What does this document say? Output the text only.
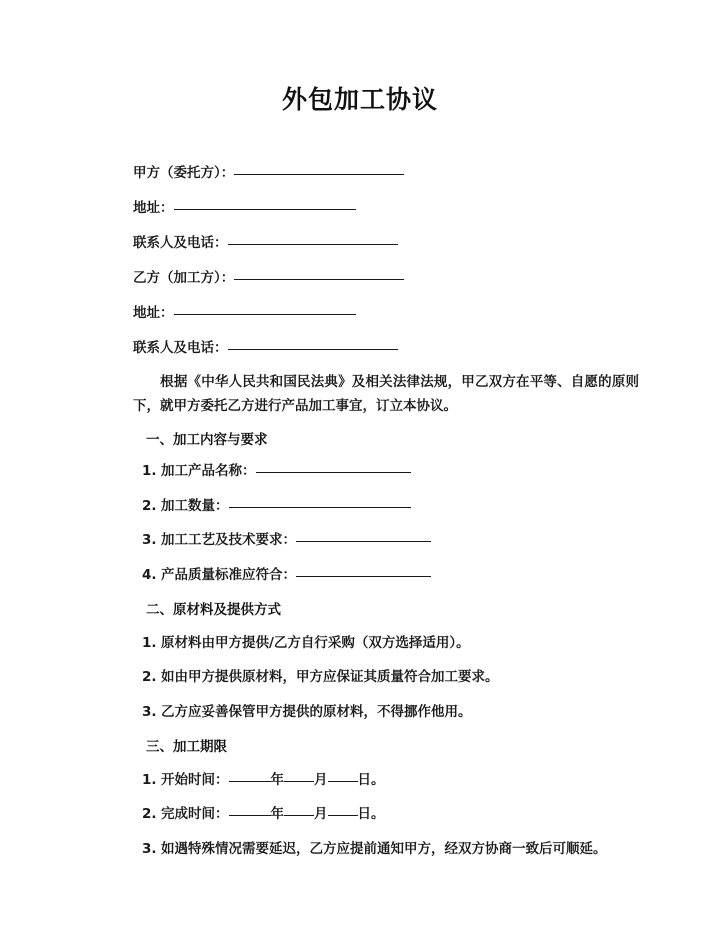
外包加工协议

甲方（委托方）：

地址：

联系人及电话：

乙方（加工方）：

地址：

联系人及电话：

根据《中华人民共和国民法典》及相关法律法规，甲乙双方在平等、自愿的原则下，就甲方委托乙方进行产品加工事宜，订立本协议。

一、加工内容与要求

1. 加工产品名称：

2. 加工数量：

3. 加工工艺及技术要求：

4. 产品质量标准应符合：

二、原材料及提供方式

1. 原材料由甲方提供/乙方自行采购（双方选择适用）。

2. 如由甲方提供原材料，甲方应保证其质量符合加工要求。

3. 乙方应妥善保管甲方提供的原材料，不得挪作他用。

三、加工期限

1. 开始时间：	年 月 日。

2. 完成时间：	年 月 日。

3. 如遇特殊情况需要延迟，乙方应提前通知甲方，经双方协商一致后可顺延。
